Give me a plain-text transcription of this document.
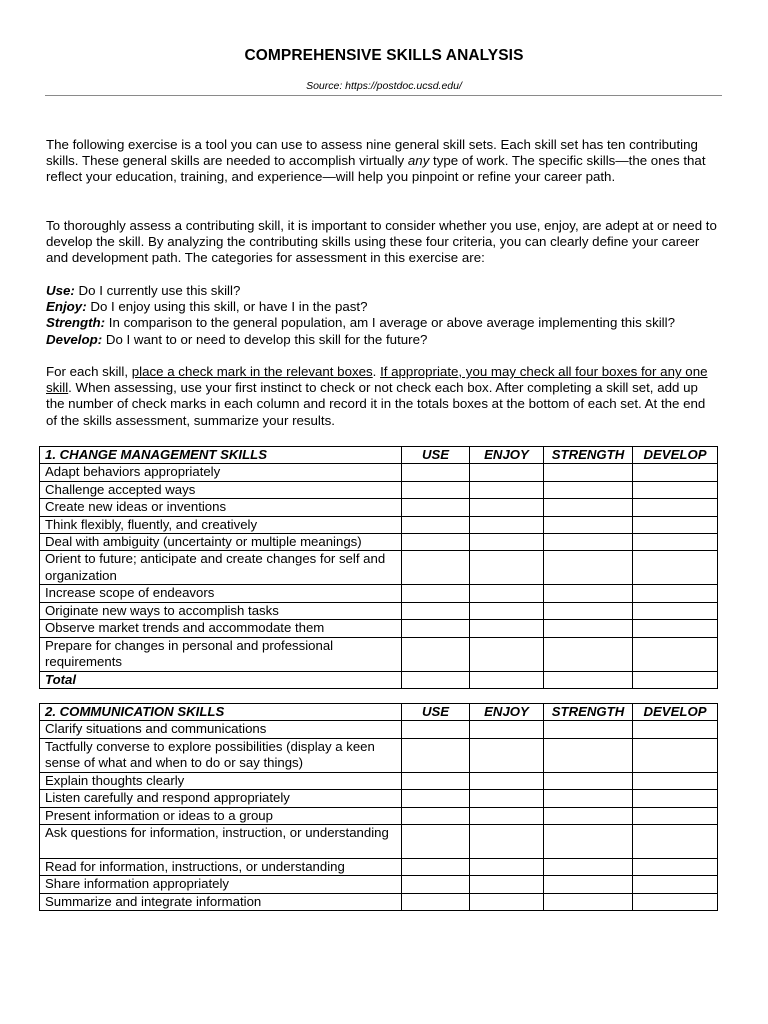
COMPREHENSIVE SKILLS ANALYSIS
Source: https://postdoc.ucsd.edu/

The following exercise is a tool you can use to assess nine general skill sets. Each skill set has ten contributing skills. These general skills are needed to accomplish virtually any type of work. The specific skills—the ones that reflect your education, training, and experience—will help you pinpoint or refine your career path.

To thoroughly assess a contributing skill, it is important to consider whether you use, enjoy, are adept at or need to develop the skill. By analyzing the contributing skills using these four criteria, you can clearly define your career and development path. The categories for assessment in this exercise are:

Use: Do I currently use this skill?

Enjoy: Do I enjoy using this skill, or have I in the past?

Strength: In comparison to the general population, am I average or above average implementing this skill?

Develop: Do I want to or need to develop this skill for the future?

For each skill, place a check mark in the relevant boxes. If appropriate, you may check all four boxes for any one skill. When assessing, use your first instinct to check or not check each box. After completing a skill set, add up the number of check marks in each column and record it in the totals boxes at the bottom of each set. At the end of the skills assessment, summarize your results.

1. CHANGE MANAGEMENT SKILLS	USE	ENJOY	STRENGTH	DEVELOP
Adapt behaviors appropriately				
Challenge accepted ways				
Create new ideas or inventions				
Think flexibly, fluently, and creatively				
Deal with ambiguity (uncertainty or multiple meanings)				
Orient to future; anticipate and create changes for self and organization				
Increase scope of endeavors				
Originate new ways to accomplish tasks				
Observe market trends and accommodate them				
Prepare for changes in personal and professional requirements				
Total				
2. COMMUNICATION SKILLS	USE	ENJOY	STRENGTH	DEVELOP
Clarify situations and communications				
Tactfully converse to explore possibilities (display a keen sense of what and when to do or say things)				
Explain thoughts clearly				
Listen carefully and respond appropriately				
Present information or ideas to a group				
Ask questions for information, instruction, or understanding				
Read for information, instructions, or understanding				
Share information appropriately				
Summarize and integrate information				
